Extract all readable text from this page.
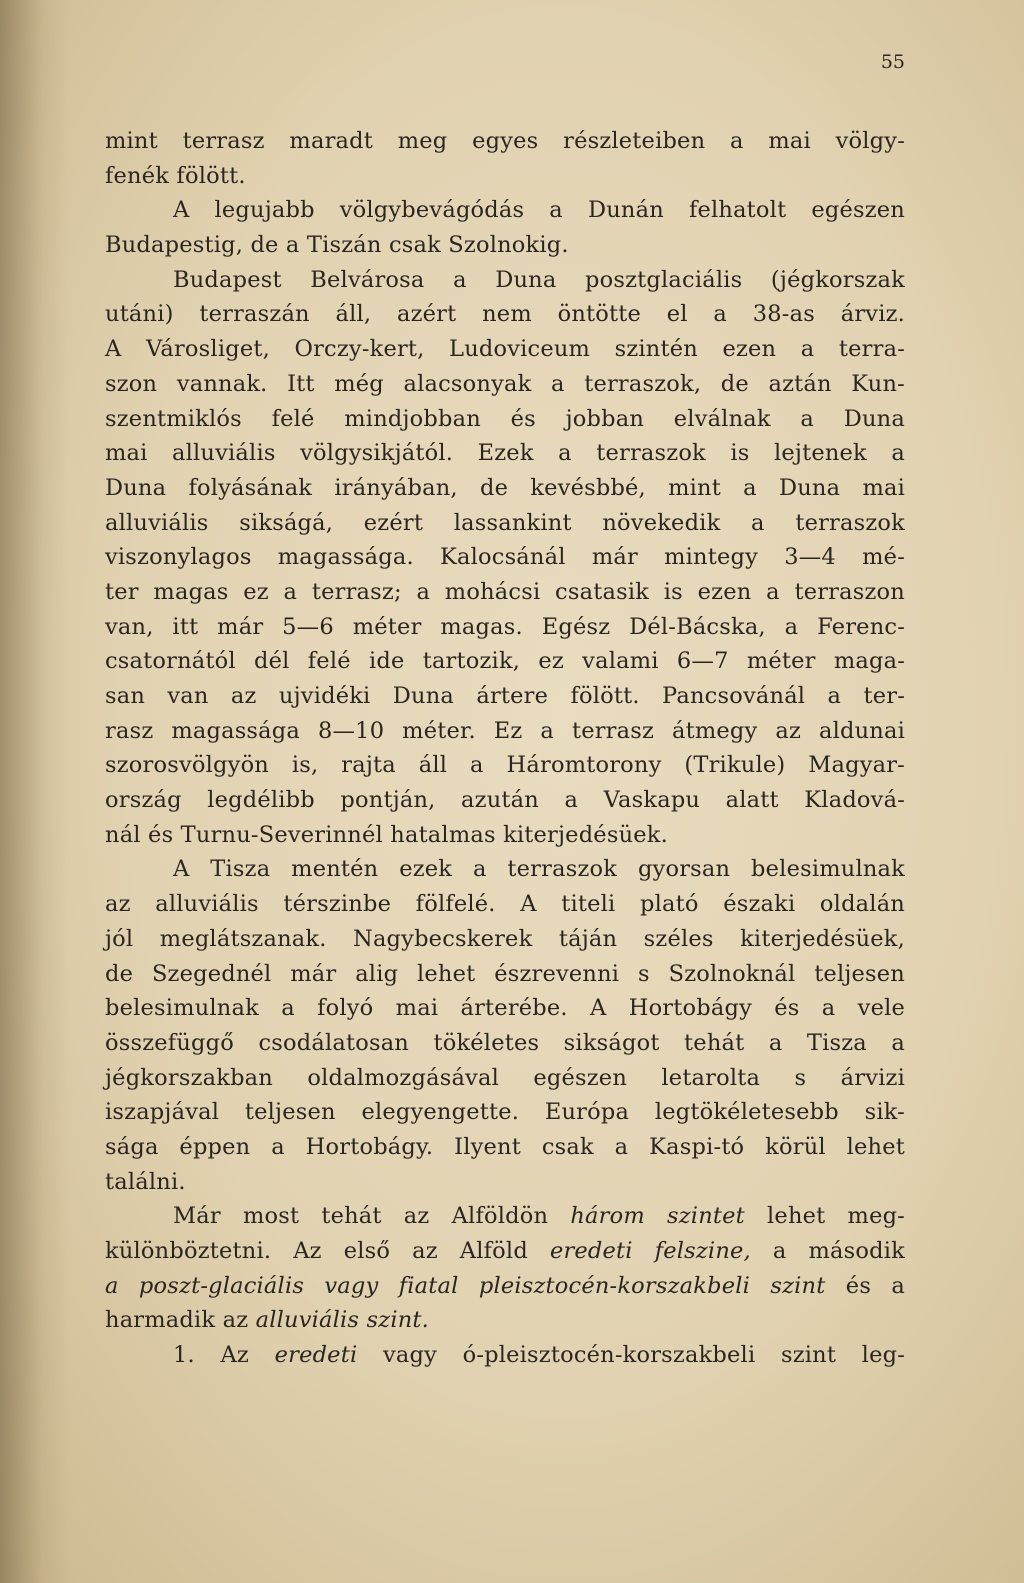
55
mint terrasz maradt meg egyes részleteiben a mai völgy-
fenék fölött.
A legujabb völgybevágódás a Dunán felhatolt egészen
Budapestig, de a Tiszán csak Szolnokig.
Budapest Belvárosa a Duna posztglaciális (jégkorszak
utáni) terraszán áll, azért nem öntötte el a 38-as árviz.
A Városliget, Orczy-kert, Ludoviceum szintén ezen a terra-
szon vannak. Itt még alacsonyak a terraszok, de aztán Kun-
szentmiklós felé mindjobban és jobban elválnak a Duna
mai alluviális völgysikjától. Ezek a terraszok is lejtenek a
Duna folyásának irányában, de kevésbbé, mint a Duna mai
alluviális sikságá, ezért lassankint növekedik a terraszok
viszonylagos magassága. Kalocsánál már mintegy 3—4 mé-
ter magas ez a terrasz; a mohácsi csatasik is ezen a terraszon
van, itt már 5—6 méter magas. Egész Dél-Bácska, a Ferenc-
csatornától dél felé ide tartozik, ez valami 6—7 méter maga-
san van az ujvidéki Duna ártere fölött. Pancsovánál a ter-
rasz magassága 8—10 méter. Ez a terrasz átmegy az aldunai
szorosvölgyön is, rajta áll a Háromtorony (Trikule) Magyar-
ország legdélibb pontján, azután a Vaskapu alatt Kladová-
nál és Turnu-Severinnél hatalmas kiterjedésüek.
A Tisza mentén ezek a terraszok gyorsan belesimulnak
az alluviális térszinbe fölfelé. A titeli plató északi oldalán
jól meglátszanak. Nagybecskerek táján széles kiterjedésüek,
de Szegednél már alig lehet észrevenni s Szolnoknál teljesen
belesimulnak a folyó mai árterébe. A Hortobágy és a vele
összefüggő csodálatosan tökéletes sikságot tehát a Tisza a
jégkorszakban oldalmozgásával egészen letarolta s árvizi
iszapjával teljesen elegyengette. Európa legtökéletesebb sik-
sága éppen a Hortobágy. Ilyent csak a Kaspi-tó körül lehet
találni.
Már most tehát az Alföldön három szintet lehet meg-
különböztetni. Az első az Alföld eredeti felszine, a második
a poszt-glaciális vagy fiatal pleisztocén-korszakbeli szint és a
harmadik az alluviális szint.
1. Az eredeti vagy ó-pleisztocén-korszakbeli szint leg-
